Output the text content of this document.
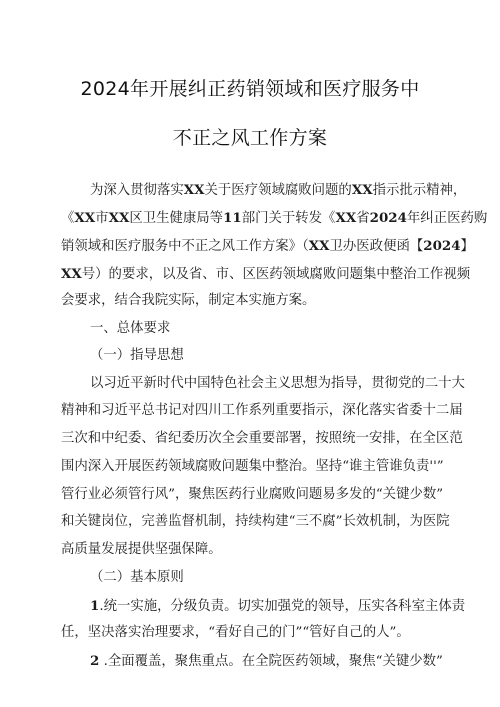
2024年开展纠正药销领域和医疗服务中
不正之风工作方案
为深入贯彻落实XX关于医疗领域腐败问题的XX指示批示精神，
《XX市XX区卫生健康局等11部门关于转发《XX省2024年纠正医药购
销领域和医疗服务中不正之风工作方案》（XX卫办医政便函【2024】
XX号）的要求，以及省、市、区医药领域腐败问题集中整治工作视频
会要求，结合我院实际，制定本实施方案。
一、总体要求
（一）指导思想
以习近平新时代中国特色社会主义思想为指导，贯彻党的二十大
精神和习近平总书记对四川工作系列重要指示，深化落实省委十二届
三次和中纪委、省纪委历次全会重要部署，按照统一安排，在全区范
围内深入开展医药领域腐败问题集中整治。坚持“谁主管谁负责''”
管行业必须管行风”，聚焦医药行业腐败问题易多发的“关键少数”
和关键岗位，完善监督机制，持续构建“三不腐”长效机制，为医院
高质量发展提供坚强保障。
（二）基本原则
1.统一实施，分级负责。切实加强党的领导，压实各科室主体责
任，坚决落实治理要求，“看好自己的门”“管好自己的人”。
2 .全面覆盖，聚焦重点。在全院医药领域，聚焦“关键少数”
